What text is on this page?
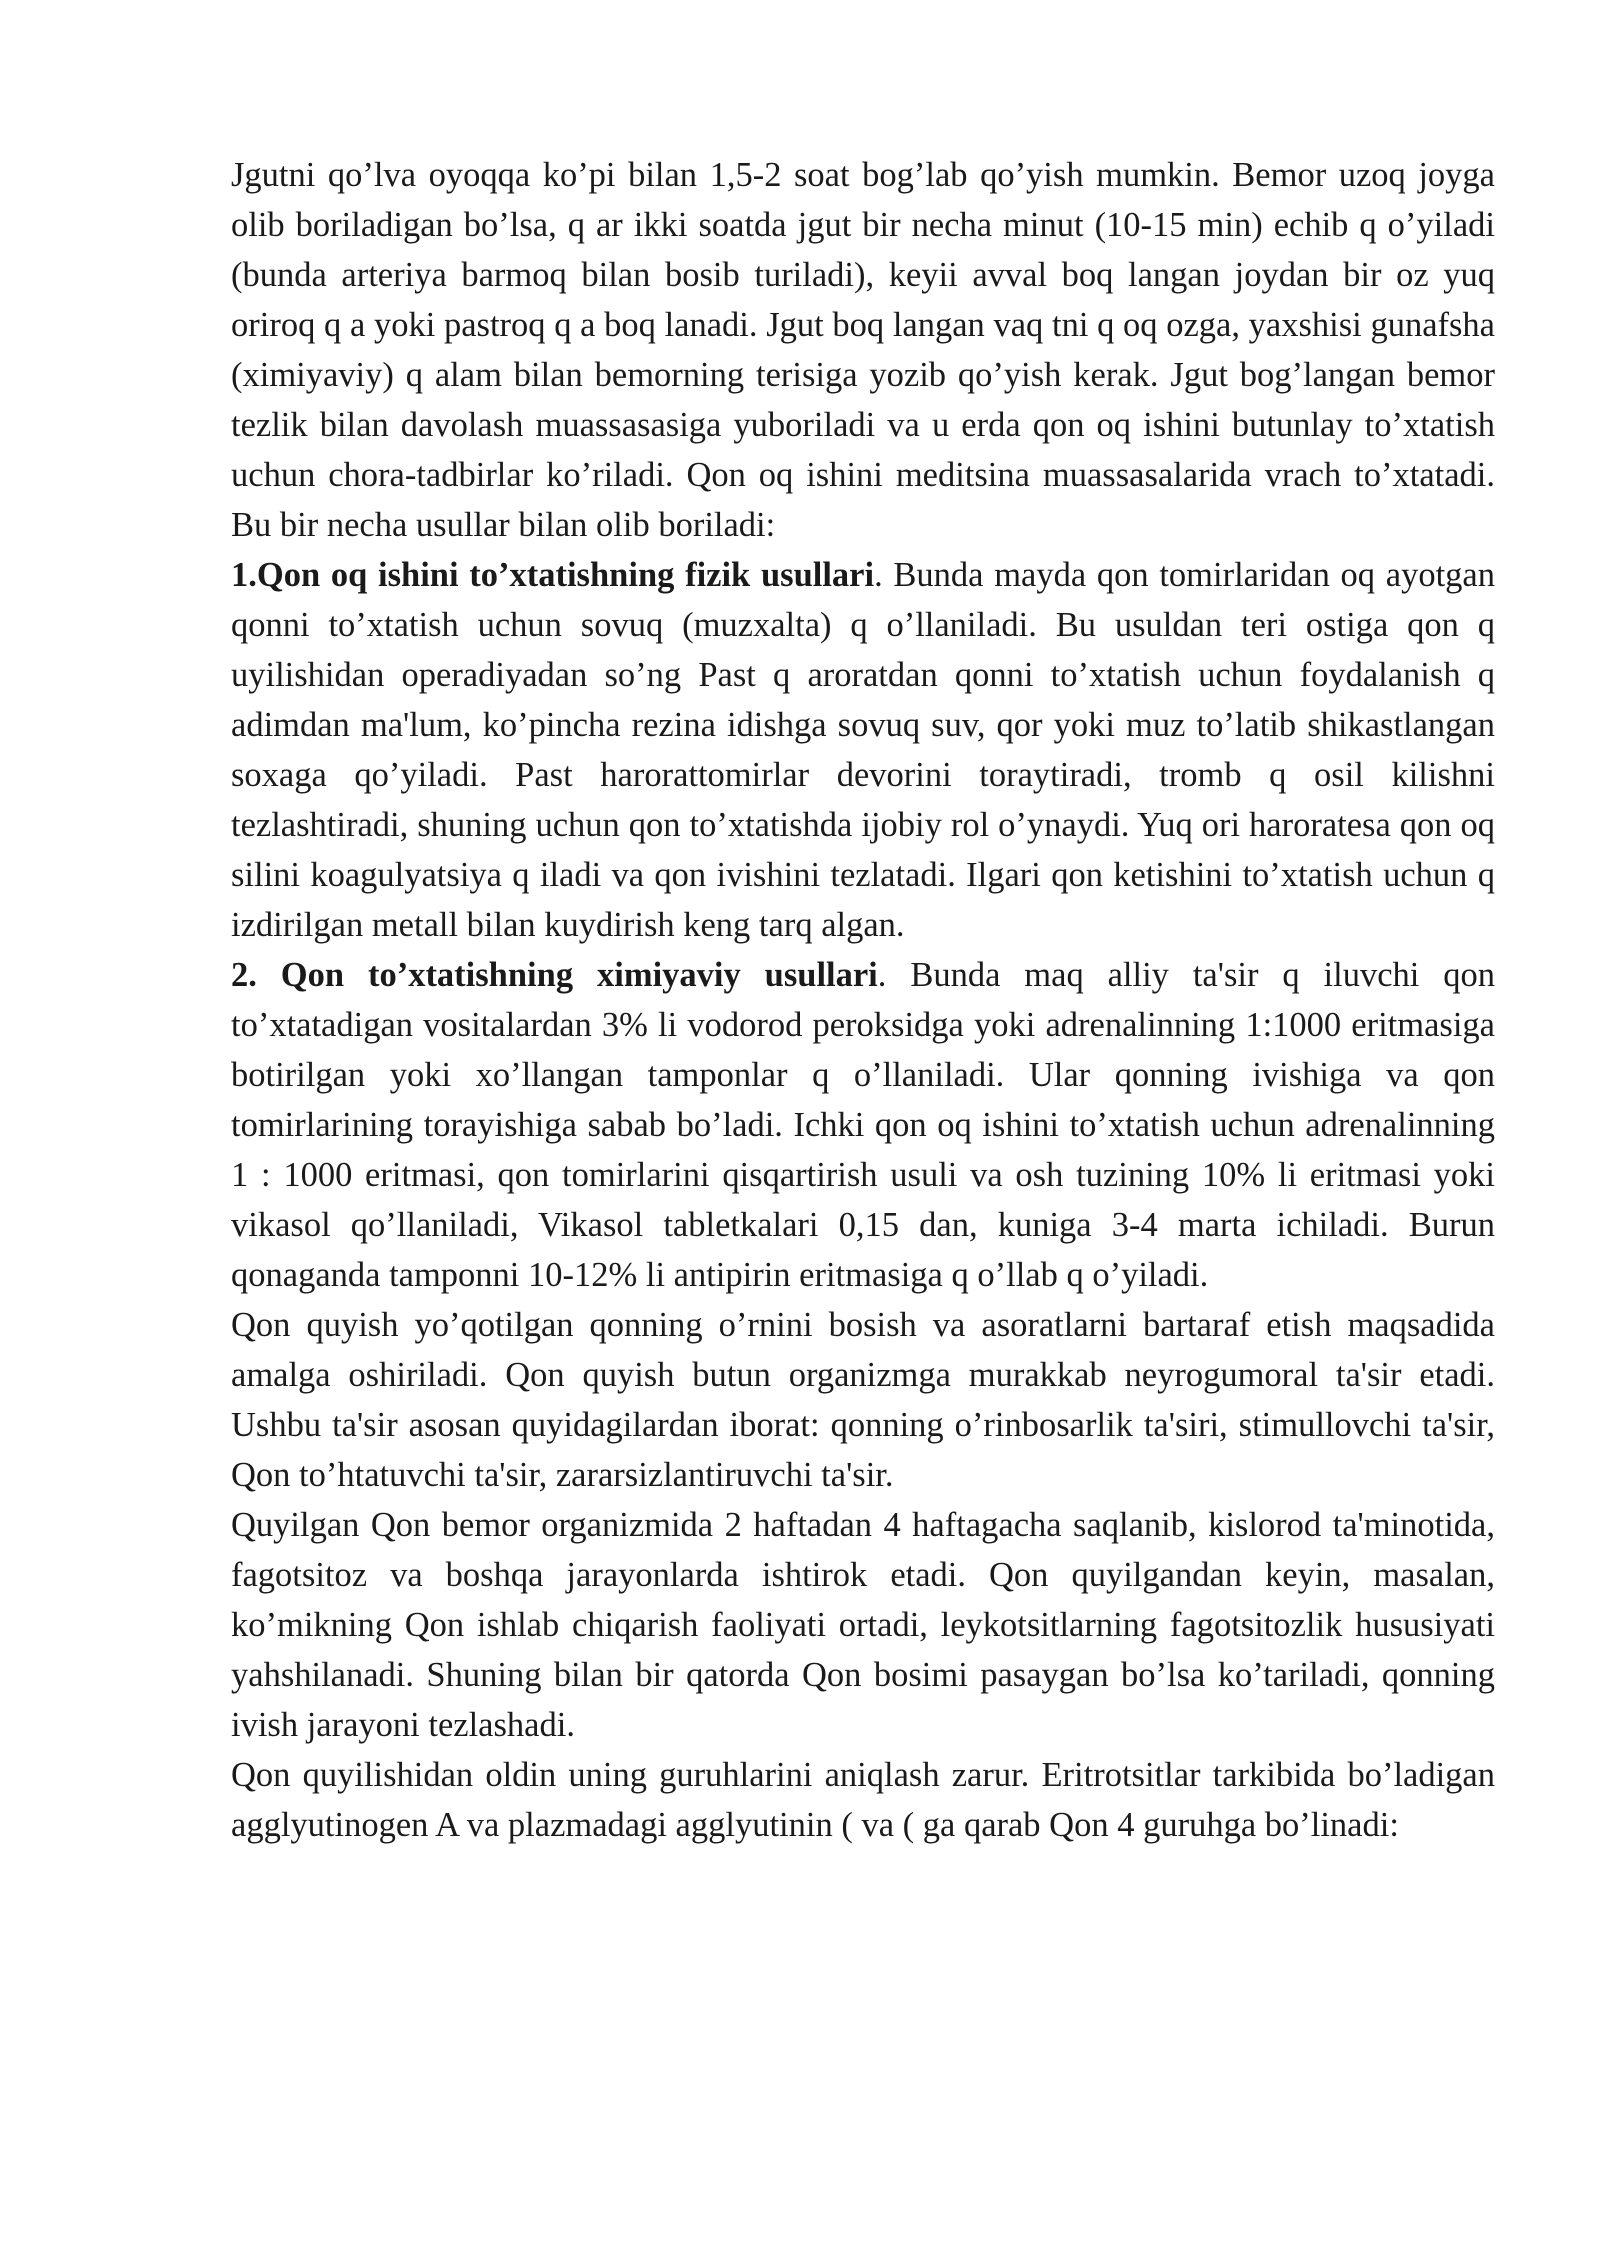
Jgutni qo’lva oyoqqa ko’pi bilan 1,5-2 soat bog’lab qo’yish mumkin. Bemor uzoq joyga olib boriladigan bo’lsa, q ar ikki soatda jgut bir necha minut (10-15 min) echib q o’yiladi (bunda arteriya barmoq bilan bosib turiladi), keyii avval boq langan joydan bir oz yuq oriroq q a yoki pastroq q a boq lanadi. Jgut boq langan vaq tni q oq ozga, yaxshisi gunafsha (ximiyaviy) q alam bilan bemorning terisiga yozib qo’yish kerak. Jgut bog’langan bemor tezlik bilan davolash muassasasiga yuboriladi va u erda qon oq ishini butunlay to’xtatish uchun chora-tadbirlar ko’riladi. Qon oq ishini meditsina muassasalarida vrach to’xtatadi. Bu bir necha usullar bilan olib boriladi:

1.Qon oq ishini to’xtatishning fizik usullari. Bunda mayda qon tomirlaridan oq ayotgan qonni to’xtatish uchun sovuq (muzxalta) q o’llaniladi. Bu usuldan teri ostiga qon q uyilishidan operadiyadan so’ng Past q aroratdan qonni to’xtatish uchun foydalanish q adimdan ma'lum, ko’pincha rezina idishga sovuq suv, qor yoki muz to’latib shikastlangan soxaga qo’yiladi. Past harorattomirlar devorini toraytiradi, tromb q osil kilishni tezlashtiradi, shuning uchun qon to’xtatishda ijobiy rol o’ynaydi. Yuq ori haroratesa qon oq silini koagulyatsiya q iladi va qon ivishini tezlatadi. Ilgari qon ketishini to’xtatish uchun q izdirilgan metall bilan kuydirish keng tarq algan.

2. Qon to’xtatishning ximiyaviy usullari. Bunda maq alliy ta'sir q iluvchi qon to’xtatadigan vositalardan 3% li vodorod peroksidga yoki adrenalinning 1:1000 eritmasiga botirilgan yoki xo’llangan tamponlar q o’llaniladi. Ular qonning ivishiga va qon tomirlarining torayishiga sabab bo’ladi. Ichki qon oq ishini to’xtatish uchun adrenalinning 1 : 1000 eritmasi, qon tomirlarini qisqartirish usuli va osh tuzining 10% li eritmasi yoki vikasol qo’llaniladi, Vikasol tabletkalari 0,15 dan, kuniga 3-4 marta ichiladi. Burun qonaganda tamponni 10-12% li antipirin eritmasiga q o’llab q o’yiladi.

Qon quyish yo’qotilgan qonning o’rnini bosish va asoratlarni bartaraf etish maqsadida amalga oshiriladi. Qon quyish butun organizmga murakkab neyrogumoral ta'sir etadi. Ushbu ta'sir asosan quyidagilardan iborat: qonning o’rinbosarlik ta'siri, stimullovchi ta'sir, Qon to’htatuvchi ta'sir, zararsizlantiruvchi ta'sir.

Quyilgan Qon bemor organizmida 2 haftadan 4 haftagacha saqlanib, kislorod ta'minotida, fagotsitoz va boshqa jarayonlarda ishtirok etadi. Qon quyilgandan keyin, masalan, ko’mikning Qon ishlab chiqarish faoliyati ortadi, leykotsitlarning fagotsitozlik hususiyati yahshilanadi. Shuning bilan bir qatorda Qon bosimi pasaygan bo’lsa ko’tariladi, qonning ivish jarayoni tezlashadi.

Qon quyilishidan oldin uning guruhlarini aniqlash zarur. Eritrotsitlar tarkibida bo’ladigan agglyutinogen A va plazmadagi agglyutinin ( va ( ga qarab Qon 4 guruhga bo’linadi:
